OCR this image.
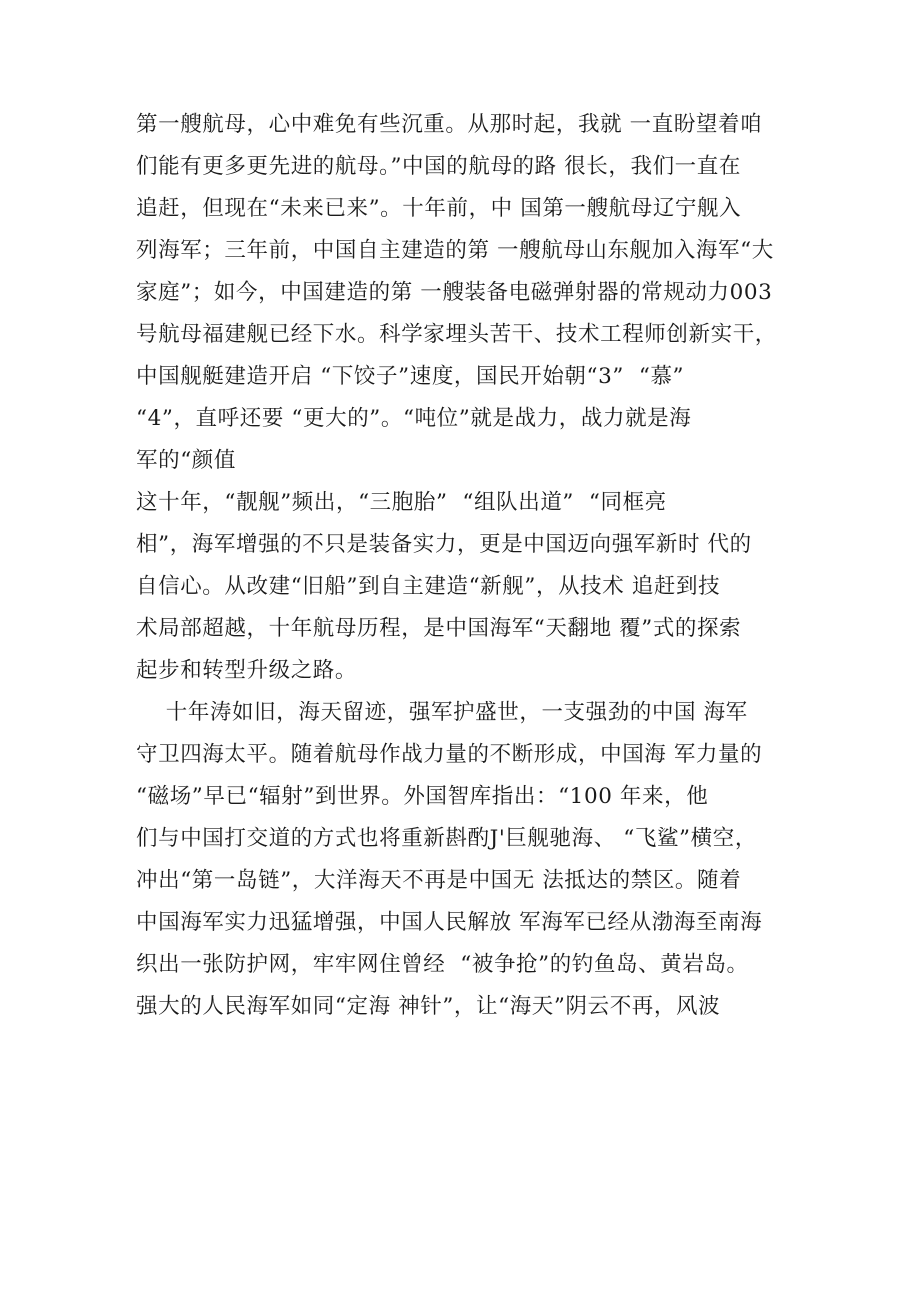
第一艘航母，心中难免有些沉重。从那时起，我就 一直盼望着咱
们能有更多更先进的航母。”中国的航母的路 很长，我们一直在
追赶，但现在“未来已来”。十年前，中 国第一艘航母辽宁舰入
列海军；三年前，中国自主建造的第 一艘航母山东舰加入海军“大
家庭”；如今，中国建造的第 一艘装备电磁弹射器的常规动力003
号航母福建舰已经下水。科学家埋头苦干、技术工程师创新实干，
中国舰艇建造开启 “下饺子”速度，国民开始朝“3”  “慕”
“4”，直呼还要 “更大的”。“吨位”就是战力，战力就是海
军的“颜值
这十年，“靓舰”频出，“三胞胎”  “组队出道”  “同框亮
相”，海军增强的不只是装备实力，更是中国迈向强军新时 代的
自信心。从改建“旧船”到自主建造“新舰”，从技术 追赶到技
术局部超越，十年航母历程，是中国海军“天翻地 覆”式的探索
起步和转型升级之路。
十年涛如旧，海天留迹，强军护盛世，一支强劲的中国 海军
守卫四海太平。随着航母作战力量的不断形成，中国海 军力量的
“磁场”早已“辐射”到世界。外国智库指出：“100 年来，他
们与中国打交道的方式也将重新斟酌J'巨舰驰海、 “飞鲨”横空，
冲出“第一岛链”，大洋海天不再是中国无 法抵达的禁区。随着
中国海军实力迅猛增强，中国人民解放 军海军已经从渤海至南海
织出一张防护网，牢牢网住曾经  “被争抢”的钓鱼岛、黄岩岛。
强大的人民海军如同“定海 神针”，让“海天”阴云不再，风波
